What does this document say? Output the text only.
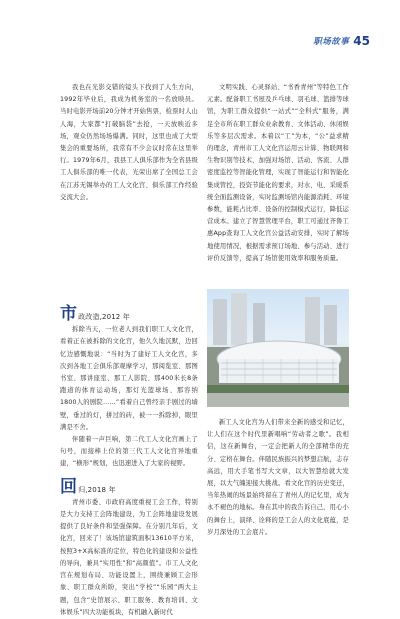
职场故事 45

我也在光影交错的镜头下找到了人生方向，1992年毕业后，我成为机务室的一名放映员。当时电影开场前20分钟才开始售票，检票时人山人海，大家都“打破脑袋”去抢，一天放映近多场，观众仍然场场爆满。同时，这里也成了大型集会的重要场所，我常有不少会议时常在这里举行。1979年6月，我县工人俱乐部作为全省县级工人俱乐部的唯一代表，光荣出席了全国总工会在江苏无锡举办的工人文化宫、俱乐部工作经验交流大会。

市 政改造,2012 年

拆除当天，一位老人到我们职工人文化宫，看着正在被拆除的文化宫，他久久地沉默，边回忆边感慨地说：“当时为了建好工人文化宫，多次到各地工会俱乐部观摩学习，那阅览室、那图书室、那讲座室、那工人影院、那400米长8条跑道的体育运动场，那灯光篮球场、那容纳1800人的剧院……”看着自己曾经亲手剧过的墙壁，垂过的灯，拼过的砖，被一一拆除掉，眼里满是不舍。

伴随着一声巨响，第二代工人文化宫画上了句号，而接棒上位的第三代工人文化宫异地重建，“横形”规划，也迅速进入了大家的视野。

回 归,2018 年

青州市委、市政府高度重视工会工作，特别是大力支持工会阵地建设，为工会阵地建设发展提供了良好条件和坚强保障。在分别几年后，文化宫，回来了！该场馆建筑面积13610平方米，按照3+X高标准的定位，特色化的建设和公益性的导向，兼具“实用性”和“高颜值”。市工人文化宫在规划布局、功能设置上，围绕兼顾工会形象、职工群众所盼，突出“学校”“乐园”两大主题，包含“史馆展示、职工服务、教育培训、文体娱乐”四大功能板块，有机融入新时代

文明实践、心灵驿站、“书香青州”等特色工作元素。配备职工书屋及乒乓球、羽毛球、篮排等球馆，为职工群众提供“一站式”“全科式”服务，满足全市所在职工群众业余教育、文体活动、休闲娱乐等多层次需求。本着以“工”为本，“公”益求精的理念，青州市工人文化宫运用云计算、物联网和生物识别等技术，加强对场馆、活动、客流、人群密度监控等智能化管理，实现了智能运行和智能化集成管控，投资节能化的要求，对水、电、采暖系统全面监测设备，实时监测场馆内能源消耗、环境参数，能耗占比率、设备的控制模式运行，降低运营成本。建立了智慧管理平台，职工可通过齐鲁工惠App查询工人文化宫公益活动安排，实时了解场地使用情况，根据需求预订场地、参与活动、进行评价反馈等，提高了场馆使用效率和服务质量。

新工人文化宫为人们带来全新的感受和记忆，让人们在这个时代里新唱响“劳动者之歌”。我相信，这在新舞台，一定会把新人的全部精华的充分、定格在舞台。伴随民族振兴的梦想启航，志存高远，用大手笔书写大文章，以大智慧绘就大发展，以大气魄迎接大挑战。看文化宫的历史变迁，当年热闹的场景始终留在了青州人的记忆里，成为永不褪色的地标。身在其中的我告诉自己，用心小的舞台上，演绎、诠释的是工会人的文化底蕴，是岁月深处的工会底片。
